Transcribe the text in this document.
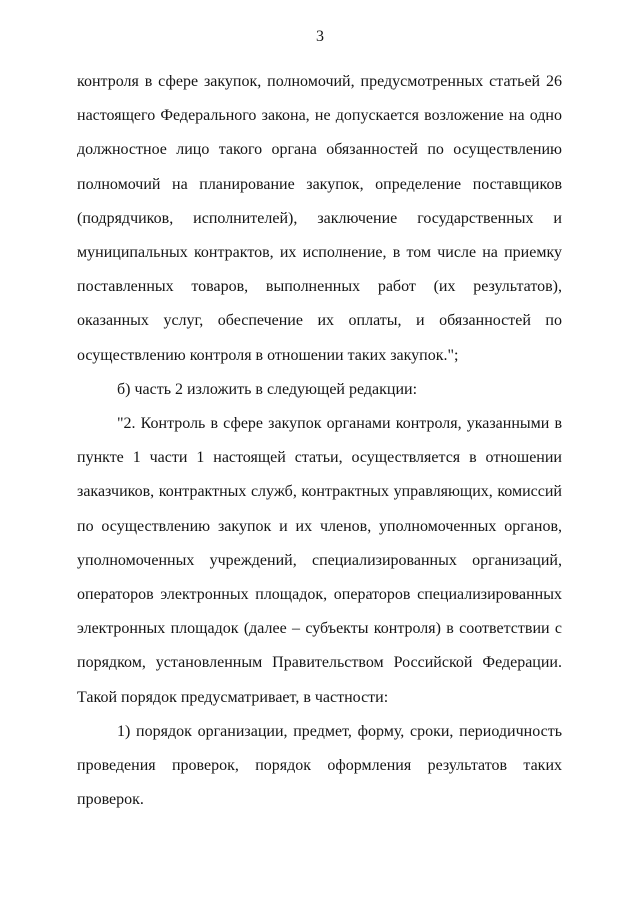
3

контроля в сфере закупок, полномочий, предусмотренных статьей 26 настоящего Федерального закона, не допускается возложение на одно должностное лицо такого органа обязанностей по осуществлению полномочий на планирование закупок, определение поставщиков (подрядчиков, исполнителей), заключение государственных и муниципальных контрактов, их исполнение, в том числе на приемку поставленных товаров, выполненных работ (их результатов), оказанных услуг, обеспечение их оплаты, и обязанностей по осуществлению контроля в отношении таких закупок.";

б) часть 2 изложить в следующей редакции:

"2. Контроль в сфере закупок органами контроля, указанными в пункте 1 части 1 настоящей статьи, осуществляется в отношении заказчиков, контрактных служб, контрактных управляющих, комиссий по осуществлению закупок и их членов, уполномоченных органов, уполномоченных учреждений, специализированных организаций, операторов электронных площадок, операторов специализированных электронных площадок (далее – субъекты контроля) в соответствии с порядком, установленным Правительством Российской Федерации. Такой порядок предусматривает, в частности:

1) порядок организации, предмет, форму, сроки, периодичность проведения проверок, порядок оформления результатов таких проверок.
